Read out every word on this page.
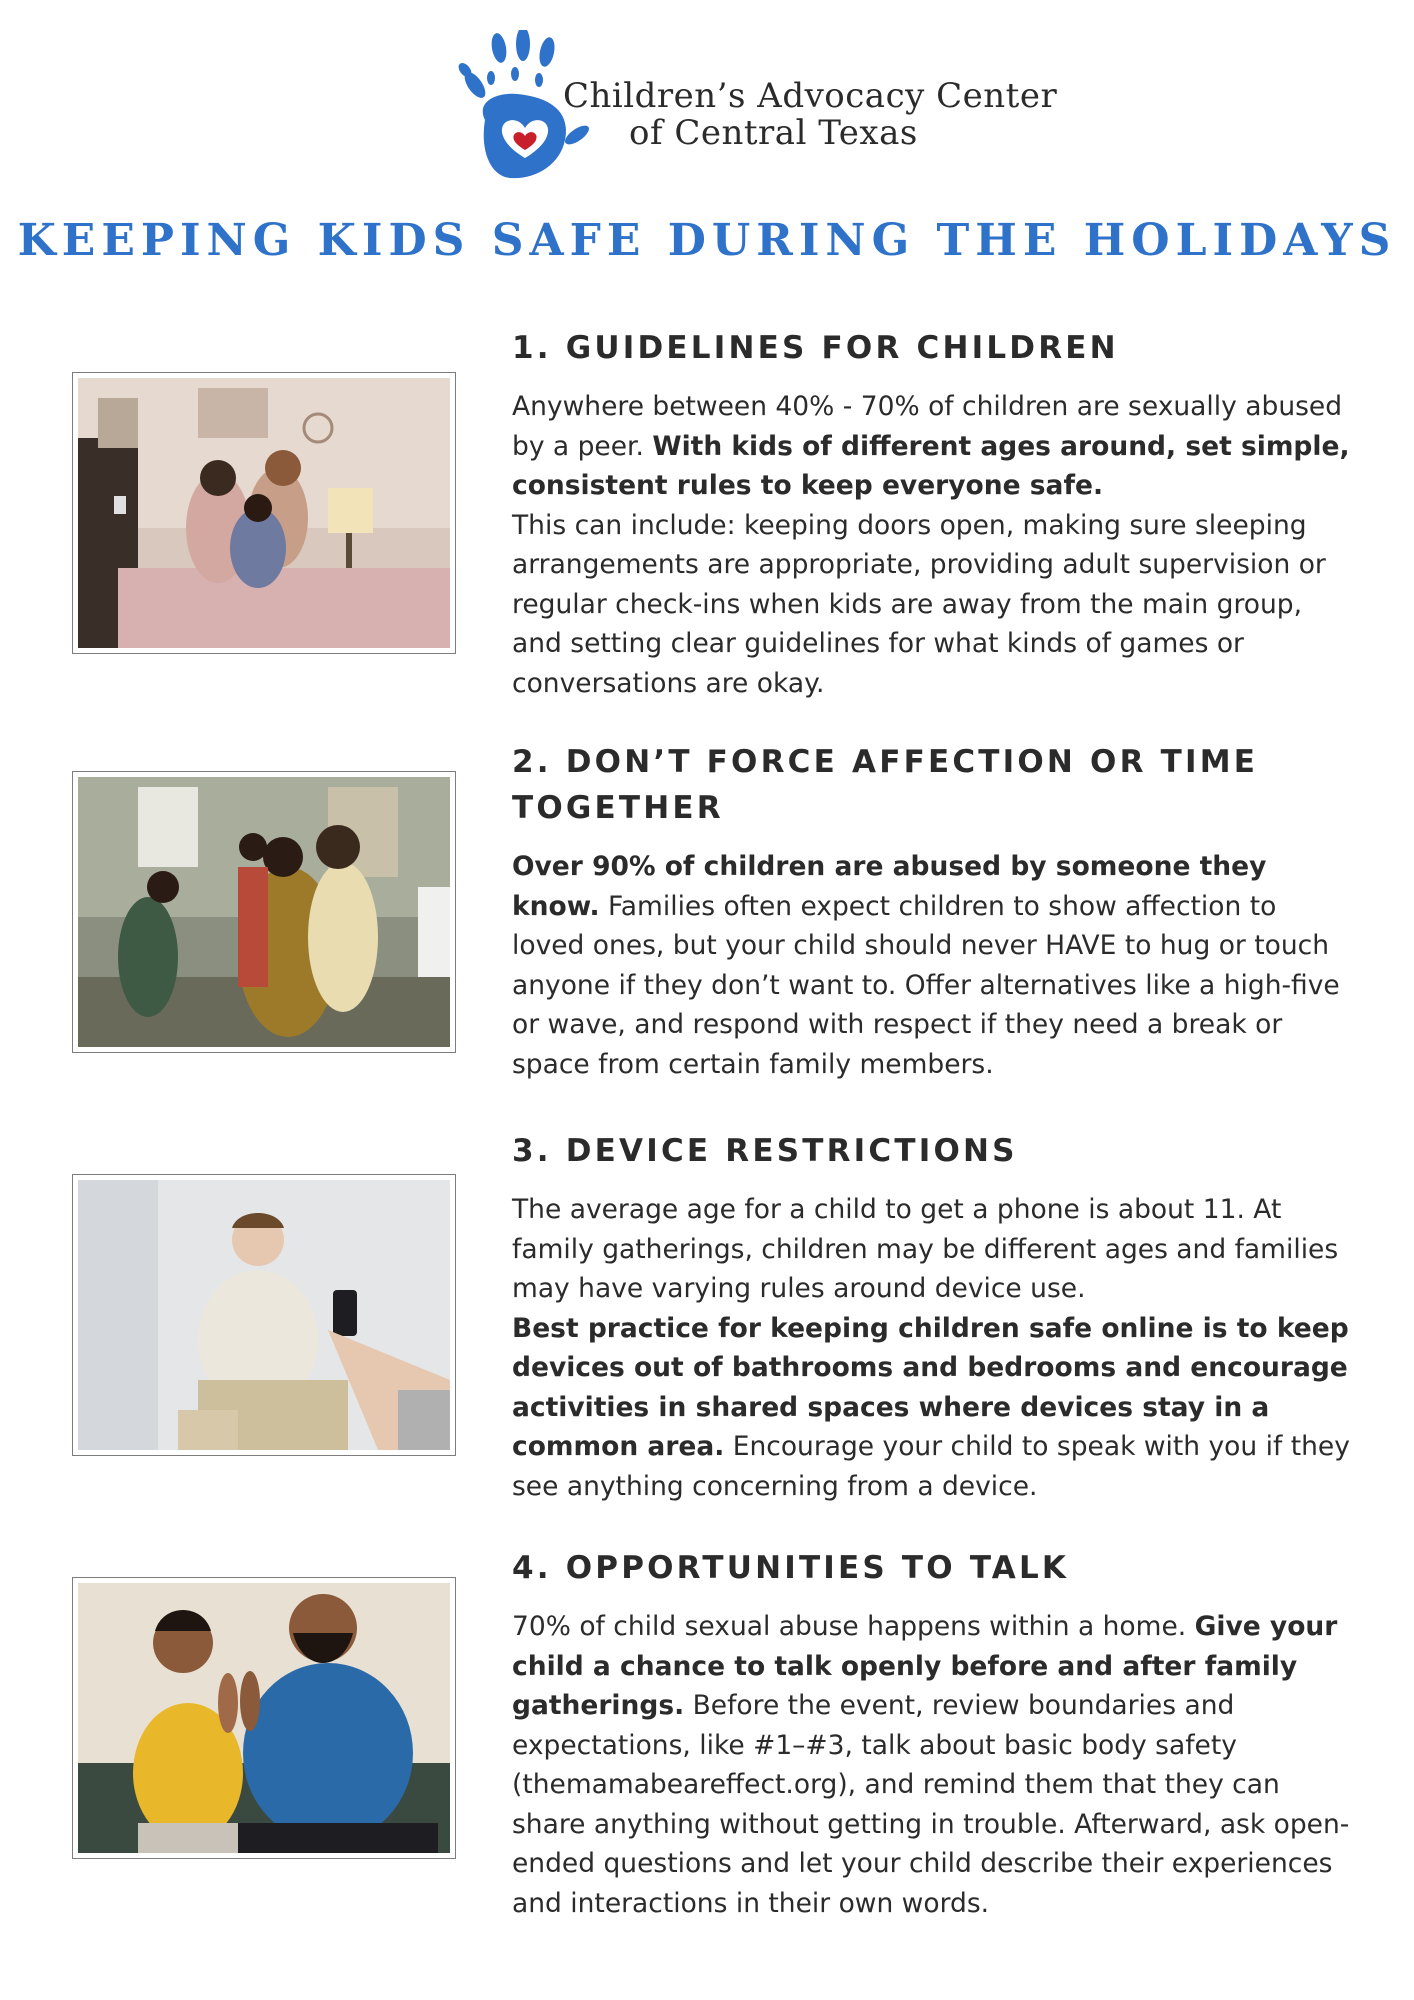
Children’s Advocacy Center
of Central Texas
KEEPING KIDS SAFE DURING THE HOLIDAYS
1. GUIDELINES FOR CHILDREN

Anywhere between 40% - 70% of children are sexually abused by a peer. With kids of different ages around, set simple, consistent rules to keep everyone safe.
This can include: keeping doors open, making sure sleeping arrangements are appropriate, providing adult supervision or regular check-ins when kids are away from the main group, and setting clear guidelines for what kinds of games or conversations are okay.

2. DON’T FORCE AFFECTION OR TIME TOGETHER

Over 90% of children are abused by someone they know. Families often expect children to show affection to loved ones, but your child should never HAVE to hug or touch anyone if they don’t want to. Offer alternatives like a high-five or wave, and respond with respect if they need a break or space from certain family members.

3. DEVICE RESTRICTIONS

The average age for a child to get a phone is about 11. At family gatherings, children may be different ages and families may have varying rules around device use.
Best practice for keeping children safe online is to keep devices out of bathrooms and bedrooms and encourage activities in shared spaces where devices stay in a common area. Encourage your child to speak with you if they see anything concerning from a device.

4. OPPORTUNITIES TO TALK

70% of child sexual abuse happens within a home. Give your child a chance to talk openly before and after family gatherings. Before the event, review boundaries and expectations, like #1–#3, talk about basic body safety (themamabeareffect.org), and remind them that they can share anything without getting in trouble. Afterward, ask open-ended questions and let your child describe their experiences and interactions in their own words.
